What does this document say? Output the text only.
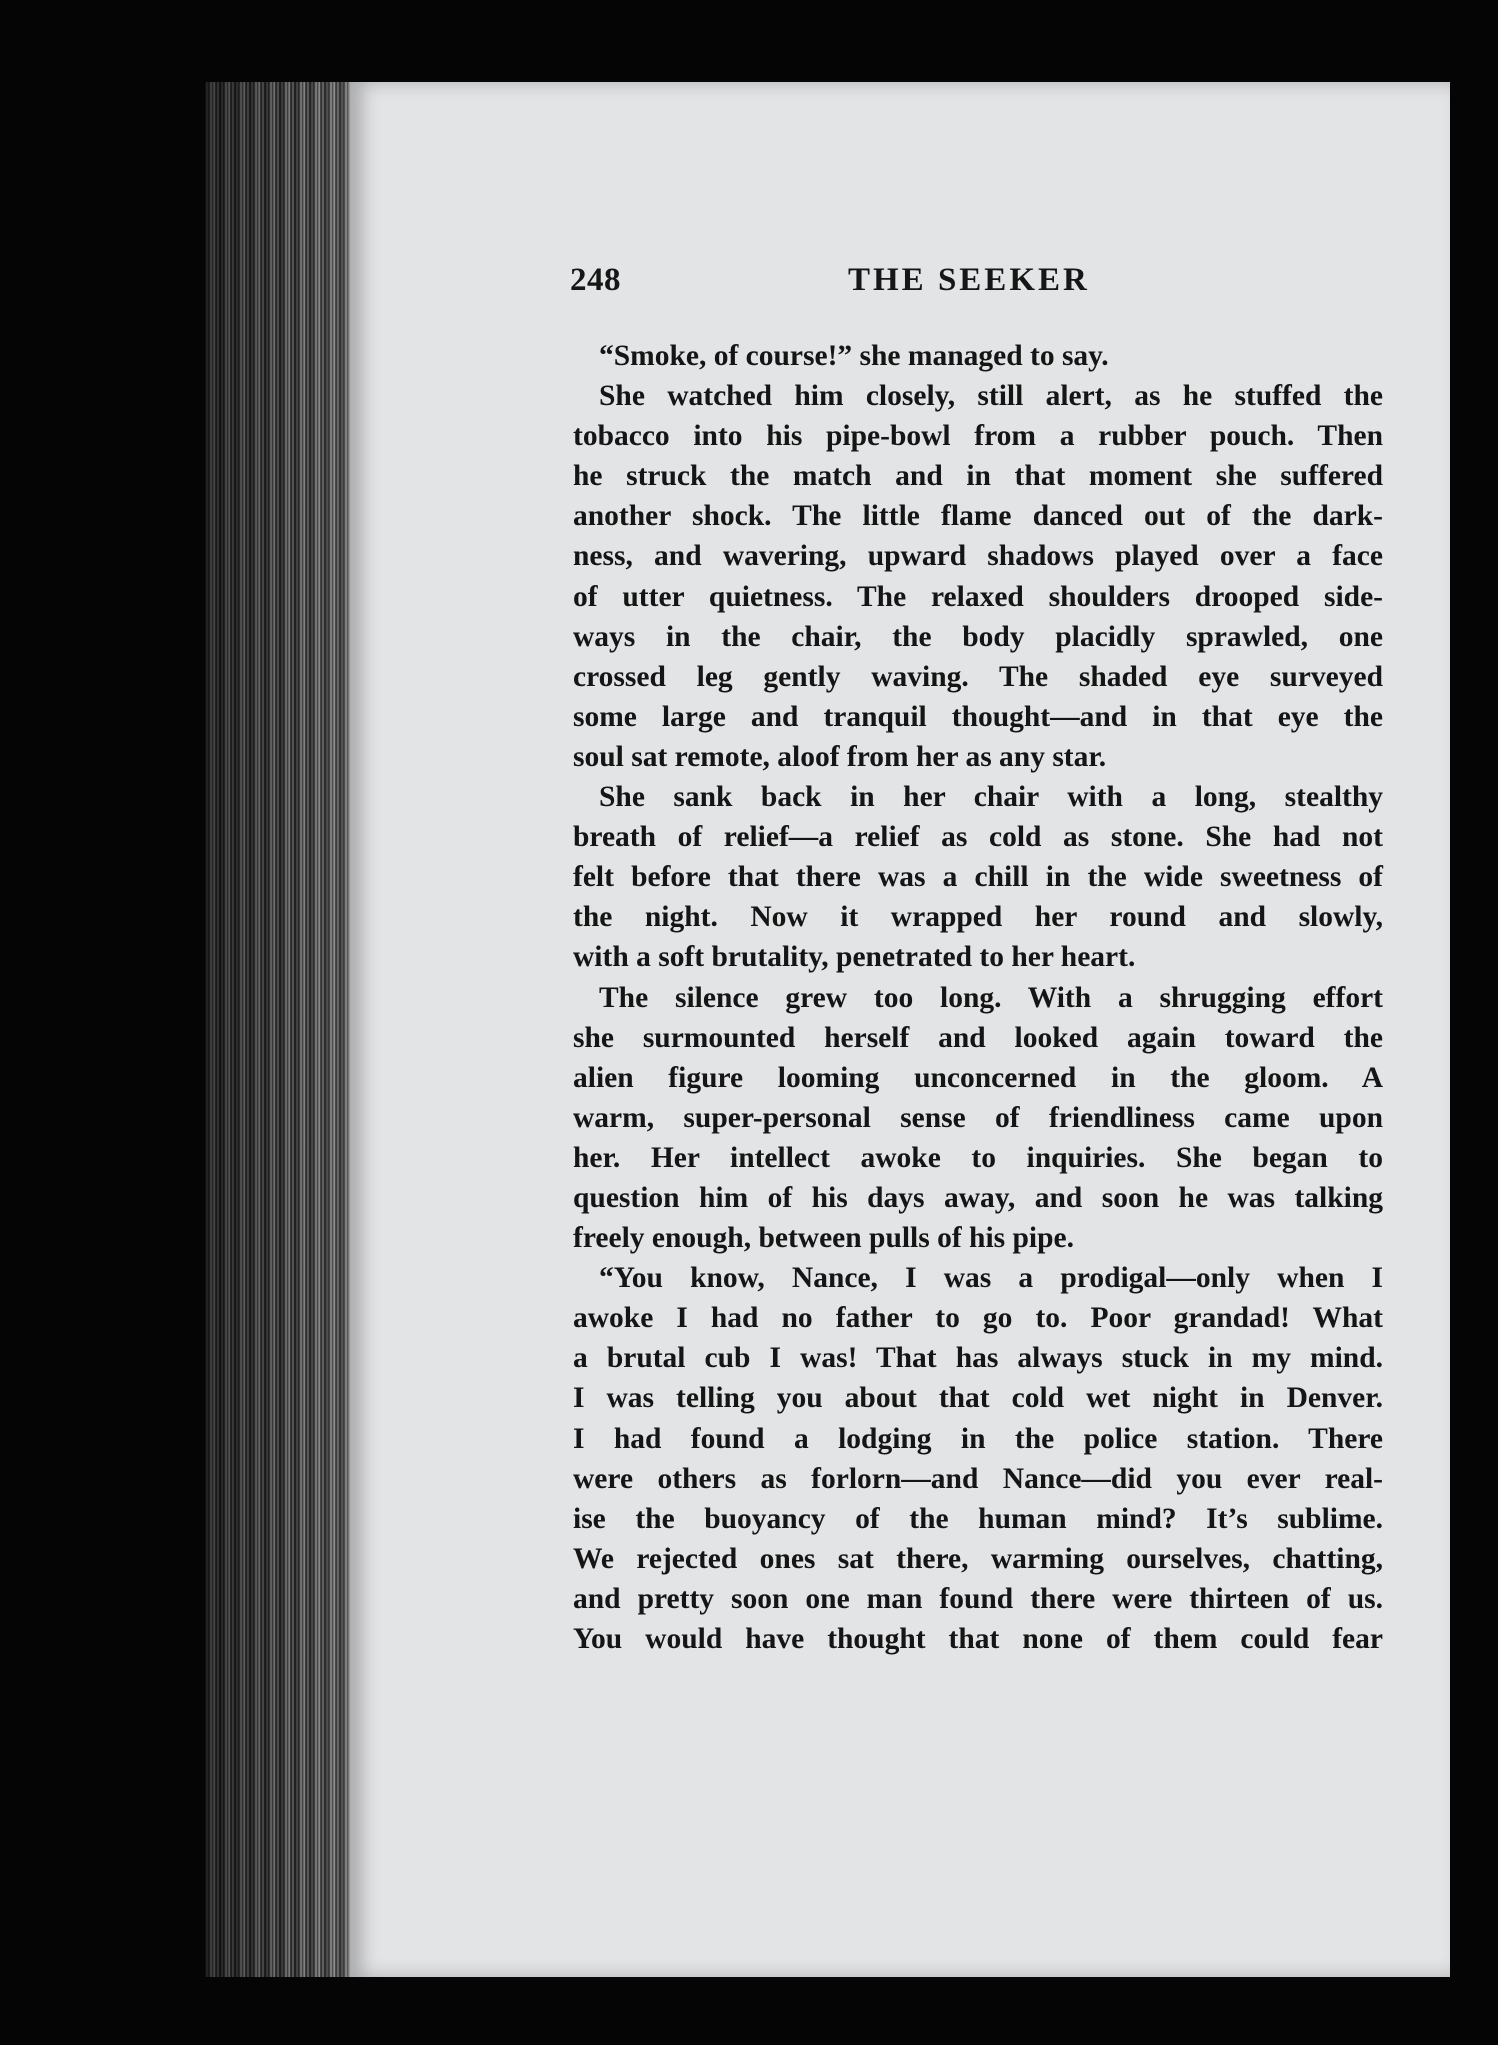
248	THE SEEKER
“Smoke, of course!” she managed to say.
She watched him closely, still alert, as he stuffed the
tobacco into his pipe-bowl from a rubber pouch. Then
he struck the match and in that moment she suffered
another shock. The little flame danced out of the dark-
ness, and wavering, upward shadows played over a face
of utter quietness. The relaxed shoulders drooped side-
ways in the chair, the body placidly sprawled, one
crossed leg gently waving. The shaded eye surveyed
some large and tranquil thought—and in that eye the
soul sat remote, aloof from her as any star.
She sank back in her chair with a long, stealthy
breath of relief—a relief as cold as stone. She had not
felt before that there was a chill in the wide sweetness of
the night. Now it wrapped her round and slowly,
with a soft brutality, penetrated to her heart.
The silence grew too long. With a shrugging effort
she surmounted herself and looked again toward the
alien figure looming unconcerned in the gloom. A
warm, super-personal sense of friendliness came upon
her. Her intellect awoke to inquiries. She began to
question him of his days away, and soon he was talking
freely enough, between pulls of his pipe.
“You know, Nance, I was a prodigal—only when I
awoke I had no father to go to. Poor grandad! What
a brutal cub I was! That has always stuck in my mind.
I was telling you about that cold wet night in Denver.
I had found a lodging in the police station. There
were others as forlorn—and Nance—did you ever real-
ise the buoyancy of the human mind? It’s sublime.
We rejected ones sat there, warming ourselves, chatting,
and pretty soon one man found there were thirteen of us.
You would have thought that none of them could fear
